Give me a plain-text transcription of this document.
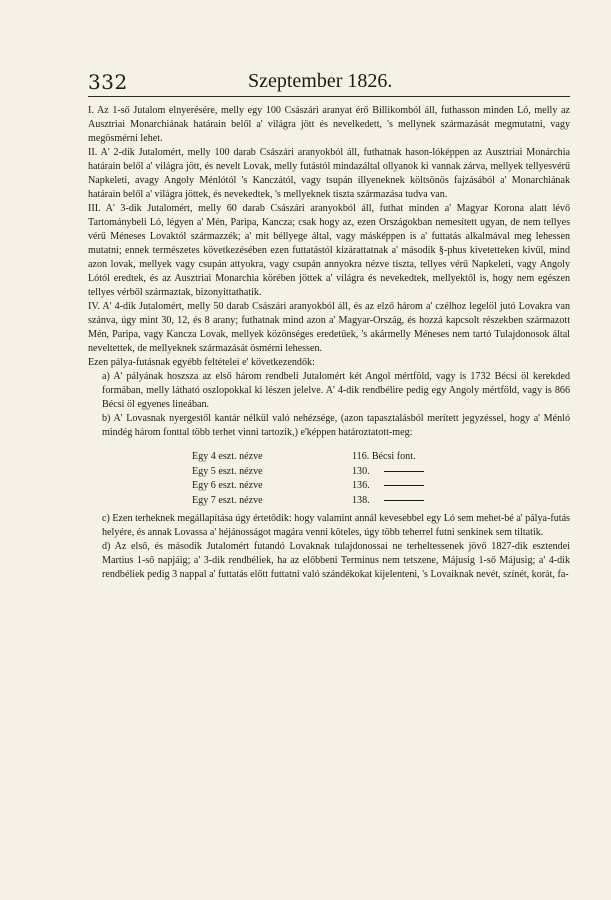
332	Szeptember 1826.

I. Az 1-ső Jutalom elnyerésére, melly egy 100 Császári aranyat érő Billikomból áll, futhasson minden Ló, melly az Ausztriai Monarchiának határain belől a' világra jött és nevelkedett, 's mellynek származását megmutatni, vagy megösmérni lehet.

II. A' 2-dik Jutalomért, melly 100 darab Császári aranyokból áll, futhatnak hason-lóképpen az Ausztriai Monárchia határain belől a' világra jött, és nevelt Lovak, melly futástól mindazáltal ollyanok ki vannak zárva, mellyek tellyesvérű Napkeleti, avagy Angoly Ménlótól 's Kanczától, vagy tsupán illyeneknek költsönös fajzásából a' Monarchiának határain belől a' világra jöttek, és nevekedtek, 's mellyeknek tiszta származása tudva van.

III. A' 3-dik Jutalomért, melly 60 darab Császári aranyokból áll, futhat minden a' Magyar Korona alatt lévő Tartománybeli Ló, légyen a' Mén, Paripa, Kancza; csak hogy az, ezen Országokban nemesített ugyan, de nem tellyes vérű Méneses Lovaktól származzék; a' mit béllyege által, vagy másképpen is a' futtatás alkalmával meg lehessen mutatni; ennek természetes következésében ezen futtatástól kizárattatnak a' második §-phus kivetetteken kivűl, mind azon lovak, mellyek vagy csupán attyokra, vagy csupán annyokra nézve tiszta, tellyes vérű Napkeleti, vagy Angoly Lótól eredtek, és az Ausztriai Monarchia körében jöttek a' világra és nevekedtek, mellyektől is, hogy nem egészen tellyes vérből származtak, bizonyittathatik.

IV. A' 4-dik Jutalomért, melly 50 darab Császári aranyokból áll, és az elző három a' czélhoz legelöl jutó Lovakra van szánva, úgy mint 30, 12, és 8 arany; futhatnak mind azon a' Magyar-Ország, és hozzá kapcsolt részekben származott Mén, Paripa, vagy Kancza Lovak, mellyek közönséges eredetűek, 's akármelly Méneses nem tartó Tulajdonosok által neveltettek, de mellyeknek származását ösmérni lehessen.

Ezen pálya-futásnak egyébb feltételei e' következendők:

a) A' pályának hoszsza az első három rendbeli Jutalomért két Angol mértföld, vagy is 1732 Bécsi öl kerekded formában, melly látható oszlopokkal ki lészen jelelve. A' 4-dik rendbélire pedig egy Angoly mértföld, vagy is 866 Bécsi öl egyenes lineában.

b) A' Lovasnak nyergestől kantár nélkül való nehézsége, (azon tapasztalásból merített jegyzéssel, hogy a' Ménló mindég három fonttal több terhet vinni tartozik,) e'képpen határoztatott-meg:

Egy 4 eszt. nézve	116. Bécsi font.
Egy 5 eszt. nézve	130.
Egy 6 eszt. nézve	136.
Egy 7 eszt. nézve	138.

c) Ezen terheknek megállapítása úgy értetődik: hogy valamint annál kevesebbel egy Ló sem mehet-bé a' pálya-futás helyére, és annak Lovassa a' héjánosságot magára venni köteles, úgy több teherrel futni senkinek sem tiltatik.

d) Az első, és második Jutalomért futandó Lovaknak tulajdonossai ne terheltessenek jövő 1827-dik esztendei Martius 1-ső napjáig; a' 3-dik rendbéliek, ha az előbbeni Terminus nem tetszene, Májusig 1-ső Májusig; a' 4-dik rendbéliek pedig 3 nappal a' futtatás előtt futtatni való szándékokat kijelenteni, 's Lovaiknak nevét, színét, korát, fa-
